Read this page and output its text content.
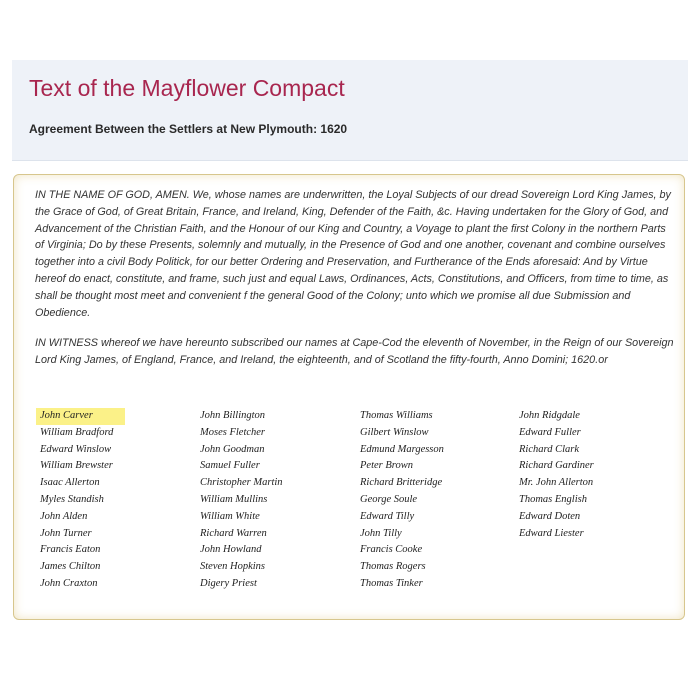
Text of the Mayflower Compact
Agreement Between the Settlers at New Plymouth: 1620

IN THE NAME OF GOD, AMEN. We, whose names are underwritten, the Loyal Subjects of our dread Sovereign Lord King James, by the Grace of God, of Great Britain, France, and Ireland, King, Defender of the Faith, &c. Having undertaken for the Glory of God, and Advancement of the Christian Faith, and the Honour of our King and Country, a Voyage to plant the first Colony in the northern Parts of Virginia; Do by these Presents, solemnly and mutually, in the Presence of God and one another, covenant and combine ourselves together into a civil Body Politick, for our better Ordering and Preservation, and Furtherance of the Ends aforesaid: And by Virtue hereof do enact, constitute, and frame, such just and equal Laws, Ordinances, Acts, Constitutions, and Officers, from time to time, as shall be thought most meet and convenient f the general Good of the Colony; unto which we promise all due Submission and Obedience.

IN WITNESS whereof we have hereunto subscribed our names at Cape-Cod the eleventh of November, in the Reign of our Sovereign Lord King James, of England, France, and Ireland, the eighteenth, and of Scotland the fifty-fourth, Anno Domini; 1620.or

John Carver
William Bradford
Edward Winslow
William Brewster
Isaac Allerton
Myles Standish
John Alden
John Turner
Francis Eaton
James Chilton
John Craxton
John Billington
Moses Fletcher
John Goodman
Samuel Fuller
Christopher Martin
William Mullins
William White
Richard Warren
John Howland
Steven Hopkins
Digery Priest
Thomas Williams
Gilbert Winslow
Edmund Margesson
Peter Brown
Richard Britteridge
George Soule
Edward Tilly
John Tilly
Francis Cooke
Thomas Rogers
Thomas Tinker
John Ridgdale
Edward Fuller
Richard Clark
Richard Gardiner
Mr. John Allerton
Thomas English
Edward Doten
Edward Liester
